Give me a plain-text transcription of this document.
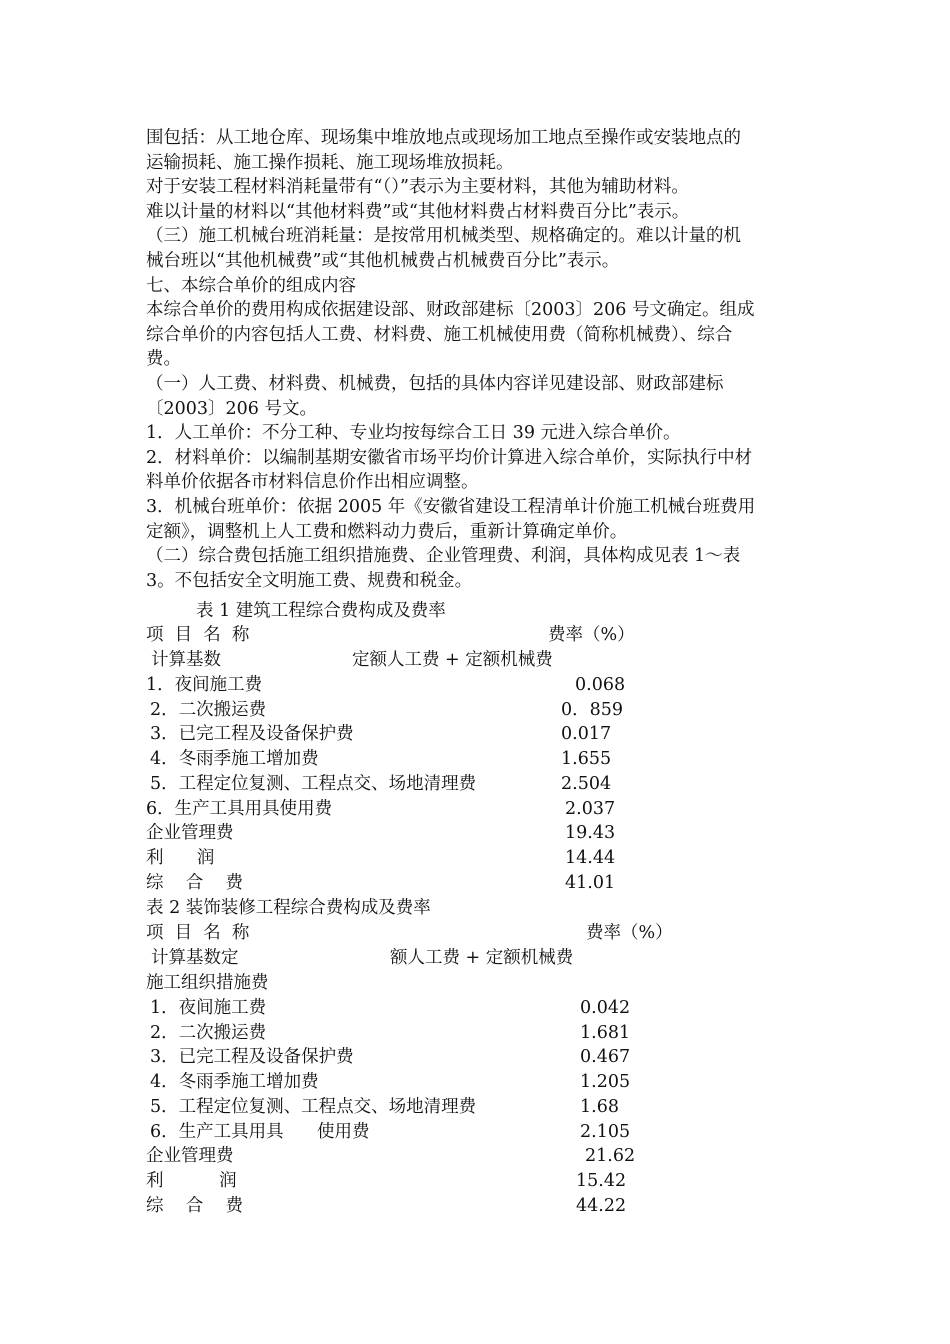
围包括：从工地仓库、现场集中堆放地点或现场加工地点至操作或安装地点的
运输损耗、施工操作损耗、施工现场堆放损耗。
对于安装工程材料消耗量带有“（）”表示为主要材料，其他为辅助材料。
难以计量的材料以“其他材料费”或“其他材料费占材料费百分比”表示。
（三）施工机械台班消耗量：是按常用机械类型、规格确定的。难以计量的机
械台班以“其他机械费”或“其他机械费占机械费百分比”表示。
七、本综合单价的组成内容
本综合单价的费用构成依据建设部、财政部建标〔2003〕206 号文确定。组成
综合单价的内容包括人工费、材料费、施工机械使用费（简称机械费）、综合
费。
（一）人工费、材料费、机械费，包括的具体内容详见建设部、财政部建标
〔2003〕206 号文。
1．人工单价：不分工种、专业均按每综合工日 39 元进入综合单价。
2．材料单价：以编制基期安徽省市场平均价计算进入综合单价，实际执行中材
料单价依据各市材料信息价作出相应调整。
3．机械台班单价：依据 2005 年《安徽省建设工程清单计价施工机械台班费用
定额》，调整机上人工费和燃料动力费后，重新计算确定单价。
（二）综合费包括施工组织措施费、企业管理费、利润，具体构成见表 1～表
3。不包括安全文明施工费、规费和税金。
表 1 建筑工程综合费构成及费率
项  目  名  称	费率（%）
计算基数	定额人工费 + 定额机械费
1．夜间施工费	0.068
2．二次搬运费	0．859
3．已完工程及设备保护费	0.017
4．冬雨季施工增加费	1.655
5．工程定位复测、工程点交、场地清理费	2.504
6．生产工具用具使用费	2.037
企业管理费	19.43
利      润	14.44
综    合    费	41.01
表 2 装饰装修工程综合费构成及费率
项  目  名  称	费率（%）
计算基数定	额人工费 + 定额机械费
施工组织措施费
1．夜间施工费	0.042
2．二次搬运费	1.681
3．已完工程及设备保护费	0.467
4．冬雨季施工增加费	1.205
5．工程定位复测、工程点交、场地清理费	1.68
6．生产工具用具      使用费	2.105
企业管理费	21.62
利          润	15.42
综    合    费	44.22
